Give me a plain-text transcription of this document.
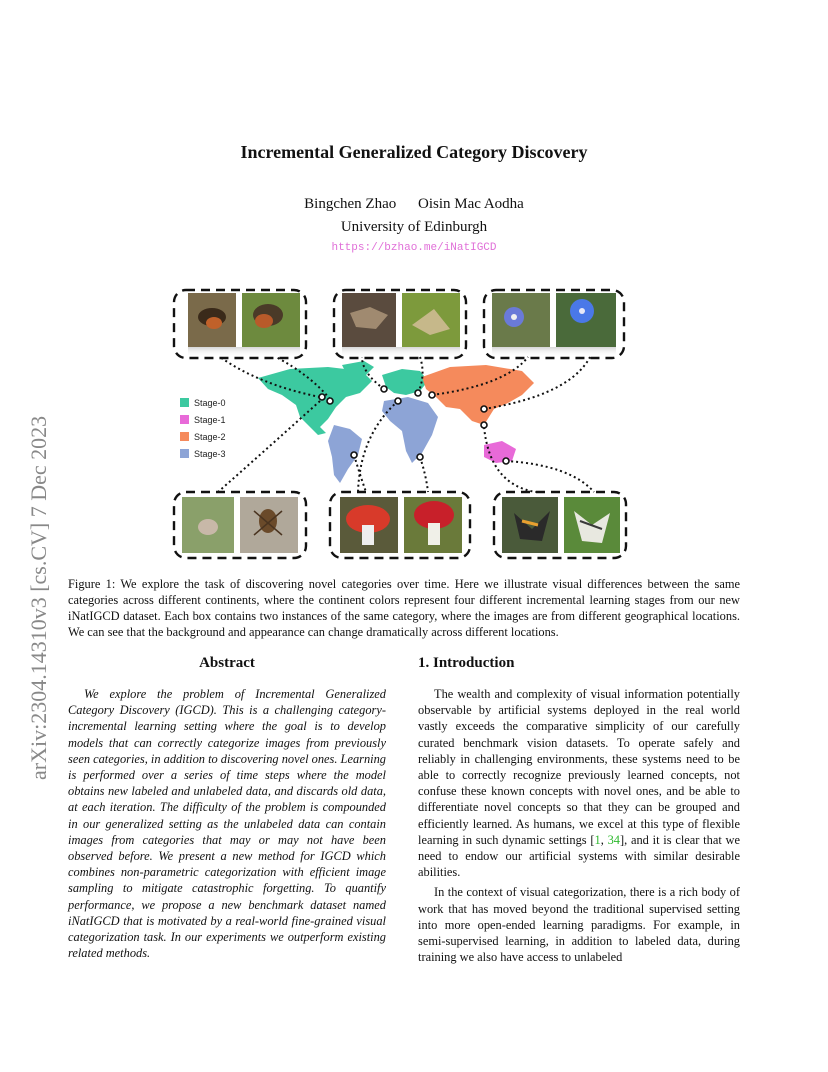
arXiv:2304.14310v3 [cs.CV] 7 Dec 2023
Incremental Generalized Category Discovery
Bingchen Zhao Oisin Mac Aodha
University of Edinburgh
https://bzhao.me/iNatIGCD
Stage-0
Stage-1
Stage-2
Stage-3
Figure 1: We explore the task of discovering novel categories over time. Here we illustrate visual differences between the same categories across different continents, where the continent colors represent four different incremental learning stages from our new iNatIGCD dataset. Each box contains two instances of the same category, where the images are from different geographical locations. We can see that the background and appearance can change dramatically across different locations.
Abstract	1. Introduction
We explore the problem of Incremental Generalized Category Discovery (IGCD). This is a challenging category-incremental learning setting where the goal is to develop models that can correctly categorize images from previously seen categories, in addition to discovering novel ones. Learning is performed over a series of time steps where the model obtains new labeled and unlabeled data, and discards old data, at each iteration. The difficulty of the problem is compounded in our generalized setting as the unlabeled data can contain images from categories that may or may not have been observed before. We present a new method for IGCD which combines non-parametric categorization with efficient image sampling to mitigate catastrophic forgetting. To quantify performance, we propose a new benchmark dataset named iNatIGCD that is motivated by a real-world fine-grained visual categorization task. In our experiments we outperform existing related methods.

The wealth and complexity of visual information potentially observable by artificial systems deployed in the real world vastly exceeds the comparative simplicity of our carefully curated benchmark vision datasets. To operate safely and reliably in challenging environments, these systems need to be able to correctly recognize previously learned concepts, not confuse these known concepts with novel ones, and be able to differentiate novel concepts so that they can be grouped and efficiently learned. As humans, we excel at this type of flexible learning in such dynamic settings [1, 34], and it is clear that we need to endow our artificial systems with similar desirable abilities.

In the context of visual categorization, there is a rich body of work that has moved beyond the traditional supervised setting into more open-ended learning paradigms. For example, in semi-supervised learning, in addition to labeled data, during training we also have access to unlabeled
